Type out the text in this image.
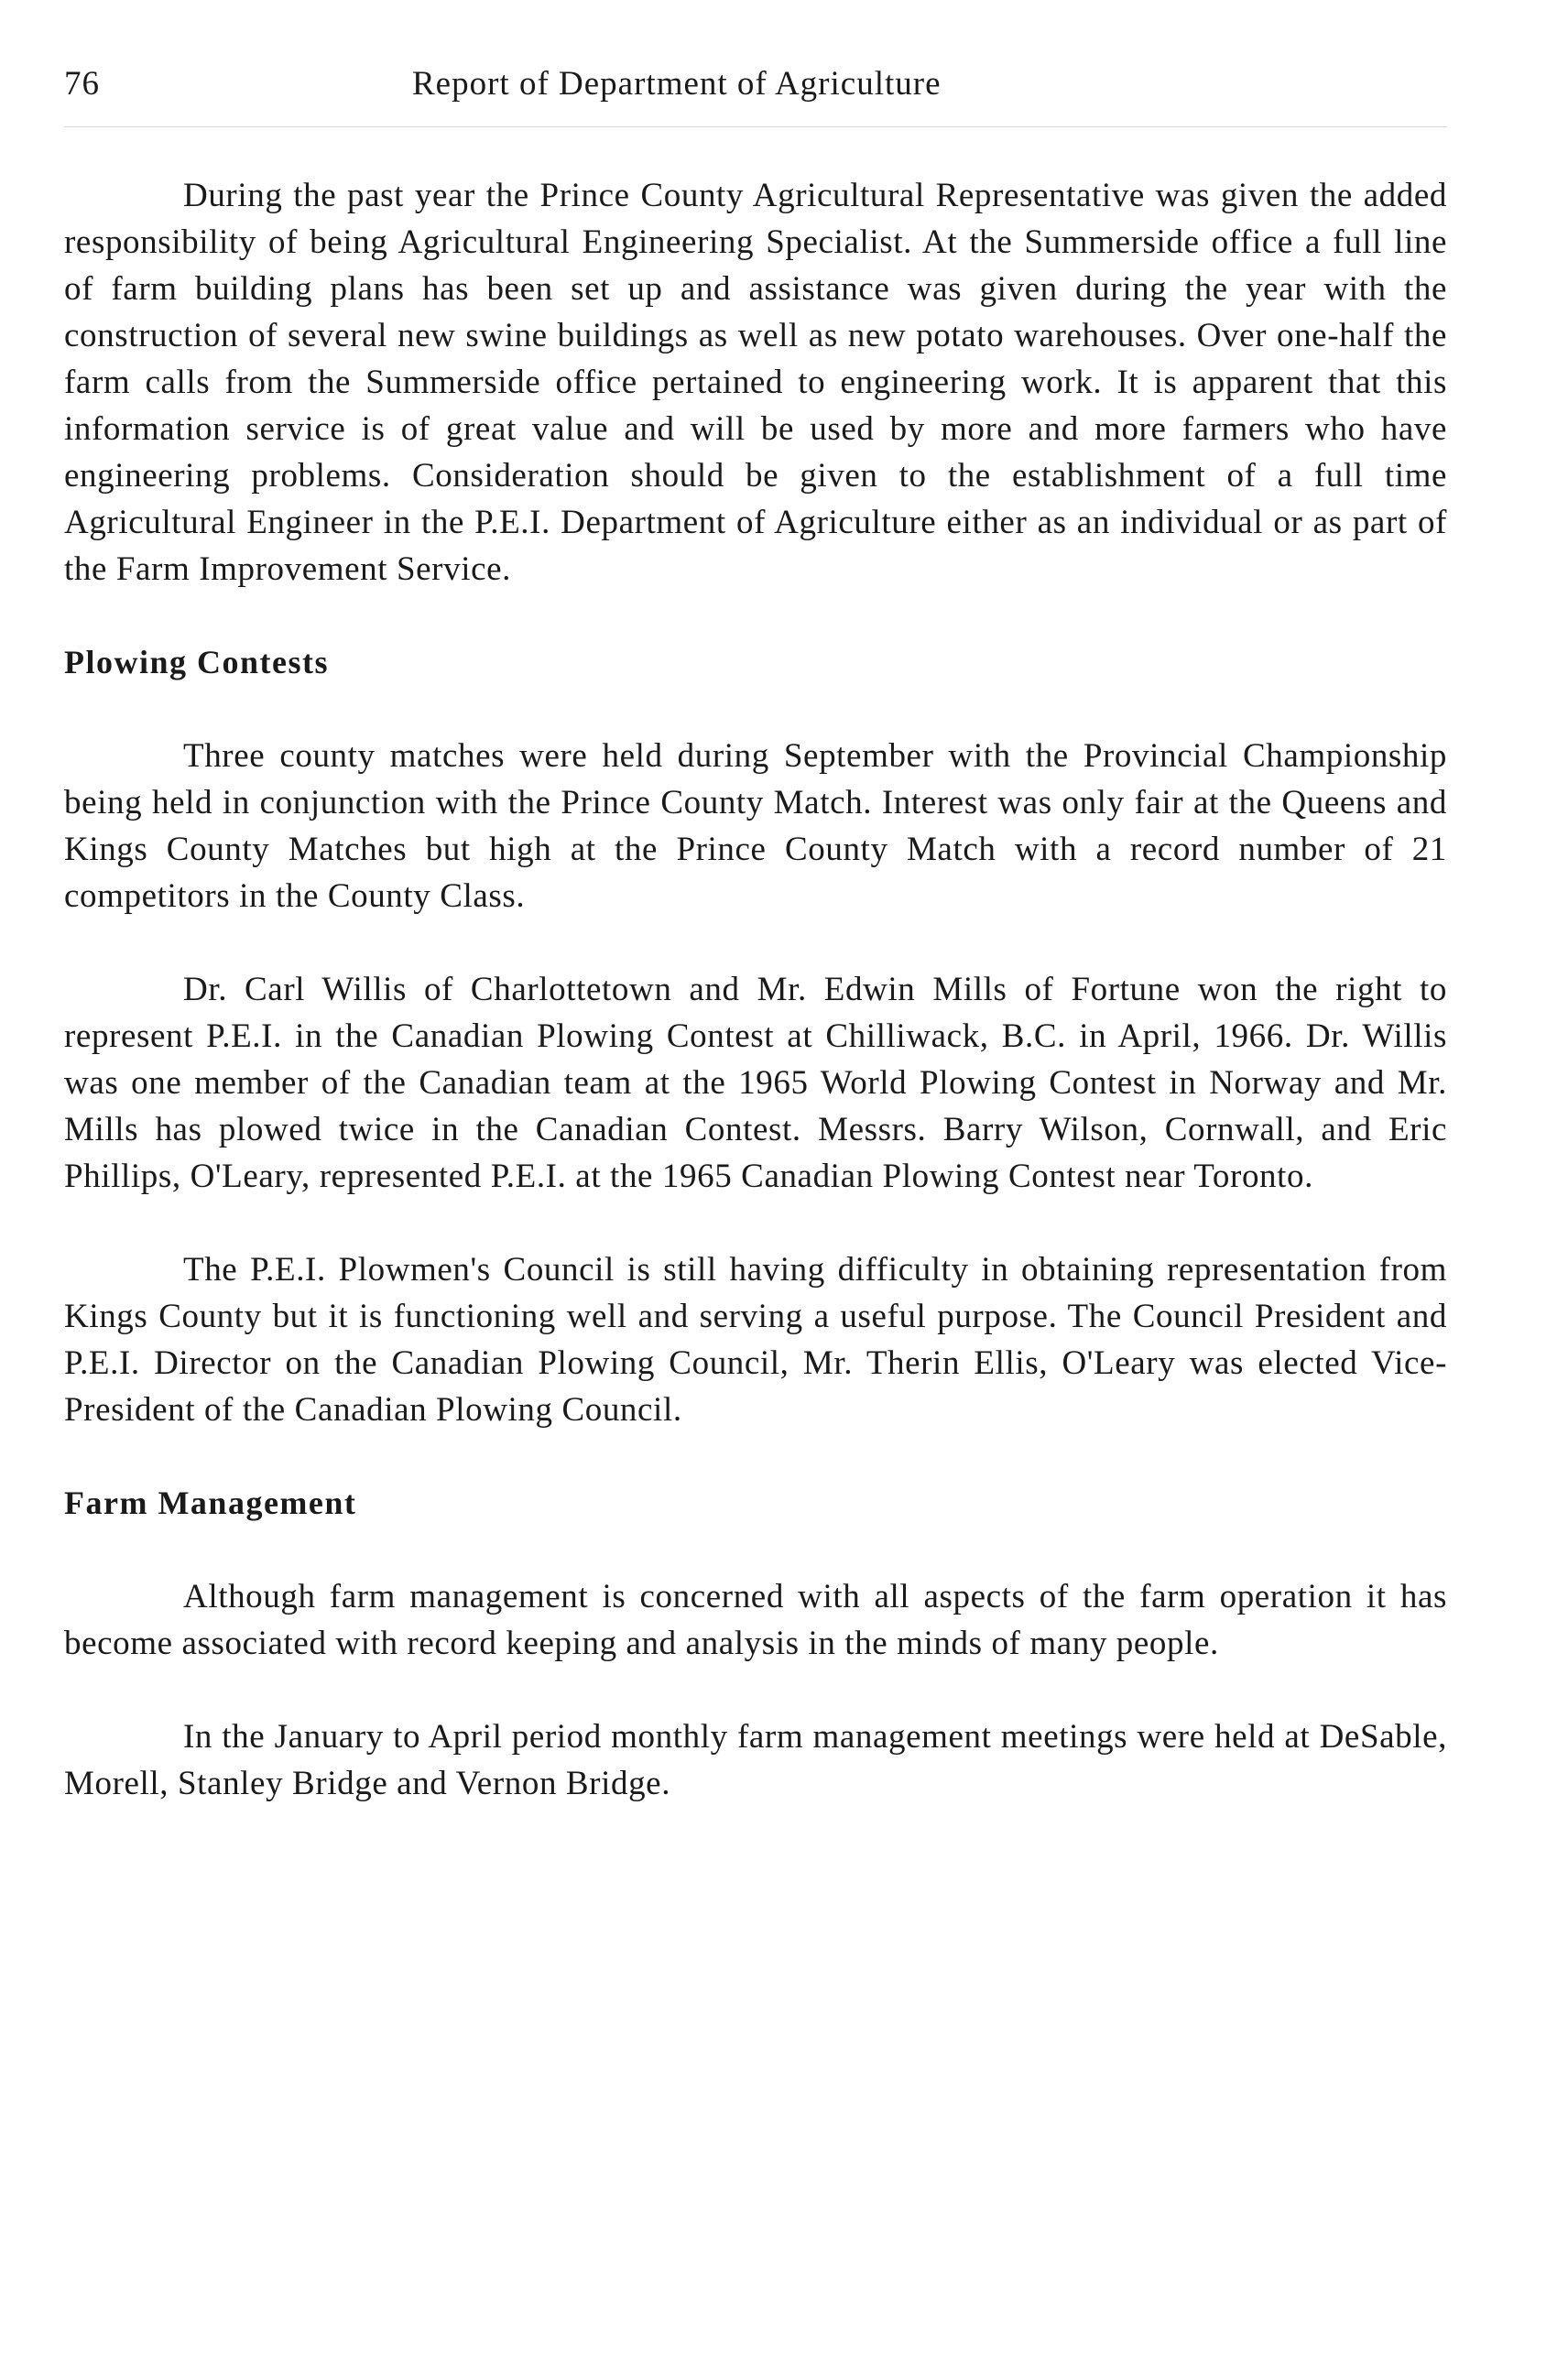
76	Report of Department of Agriculture

During the past year the Prince County Agricultural Representative was given the added responsibility of being Agricultural Engineering Specialist. At the Summerside office a full line of farm building plans has been set up and assistance was given during the year with the construction of several new swine buildings as well as new potato warehouses. Over one-half the farm calls from the Summerside office pertained to engineering work. It is apparent that this information service is of great value and will be used by more and more farmers who have engineering problems. Consideration should be given to the establishment of a full time Agricultural Engineer in the P.E.I. Department of Agriculture either as an individual or as part of the Farm Improvement Service.

Plowing Contests

Three county matches were held during September with the Provincial Championship being held in conjunction with the Prince County Match. Interest was only fair at the Queens and Kings County Matches but high at the Prince County Match with a record number of 21 competitors in the County Class.

Dr. Carl Willis of Charlottetown and Mr. Edwin Mills of Fortune won the right to represent P.E.I. in the Canadian Plowing Contest at Chilliwack, B.C. in April, 1966. Dr. Willis was one member of the Canadian team at the 1965 World Plowing Contest in Norway and Mr. Mills has plowed twice in the Canadian Contest. Messrs. Barry Wilson, Cornwall, and Eric Phillips, O'Leary, represented P.E.I. at the 1965 Canadian Plowing Contest near Toronto.

The P.E.I. Plowmen's Council is still having difficulty in obtaining representation from Kings County but it is functioning well and serving a useful purpose. The Council President and P.E.I. Director on the Canadian Plowing Council, Mr. Therin Ellis, O'Leary was elected Vice-President of the Canadian Plowing Council.

Farm Management

Although farm management is concerned with all aspects of the farm operation it has become associated with record keeping and analysis in the minds of many people.

In the January to April period monthly farm management meetings were held at DeSable, Morell, Stanley Bridge and Vernon Bridge.
